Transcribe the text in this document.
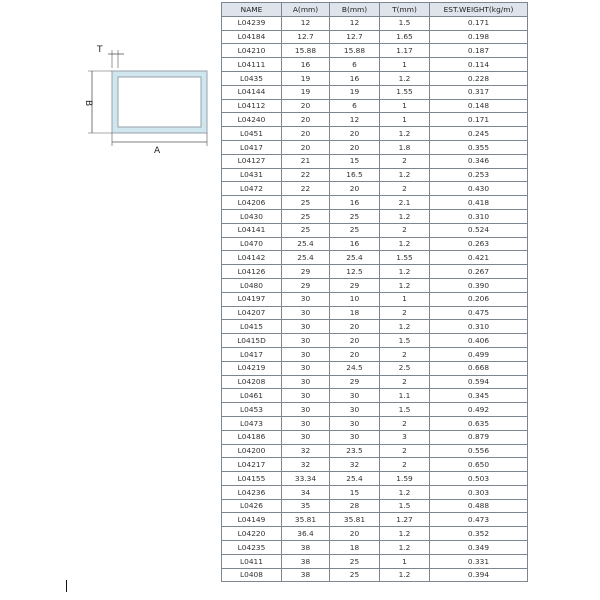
T
B
A
NAME	A(mm)	B(mm)	T(mm)	EST.WEIGHT(kg/m)
L04239	12	12	1.5	0.171
L04184	12.7	12.7	1.65	0.198
L04210	15.88	15.88	1.17	0.187
L04111	16	6	1	0.114
L0435	19	16	1.2	0.228
L04144	19	19	1.55	0.317
L04112	20	6	1	0.148
L04240	20	12	1	0.171
L0451	20	20	1.2	0.245
L0417	20	20	1.8	0.355
L04127	21	15	2	0.346
L0431	22	16.5	1.2	0.253
L0472	22	20	2	0.430
L04206	25	16	2.1	0.418
L0430	25	25	1.2	0.310
L04141	25	25	2	0.524
L0470	25.4	16	1.2	0.263
L04142	25.4	25.4	1.55	0.421
L04126	29	12.5	1.2	0.267
L0480	29	29	1.2	0.390
L04197	30	10	1	0.206
L04207	30	18	2	0.475
L0415	30	20	1.2	0.310
L0415D	30	20	1.5	0.406
L0417	30	20	2	0.499
L04219	30	24.5	2.5	0.668
L04208	30	29	2	0.594
L0461	30	30	1.1	0.345
L0453	30	30	1.5	0.492
L0473	30	30	2	0.635
L04186	30	30	3	0.879
L04200	32	23.5	2	0.556
L04217	32	32	2	0.650
L04155	33.34	25.4	1.59	0.503
L04236	34	15	1.2	0.303
L0426	35	28	1.5	0.488
L04149	35.81	35.81	1.27	0.473
L04220	36.4	20	1.2	0.352
L04235	38	18	1.2	0.349
L0411	38	25	1	0.331
L0408	38	25	1.2	0.394
